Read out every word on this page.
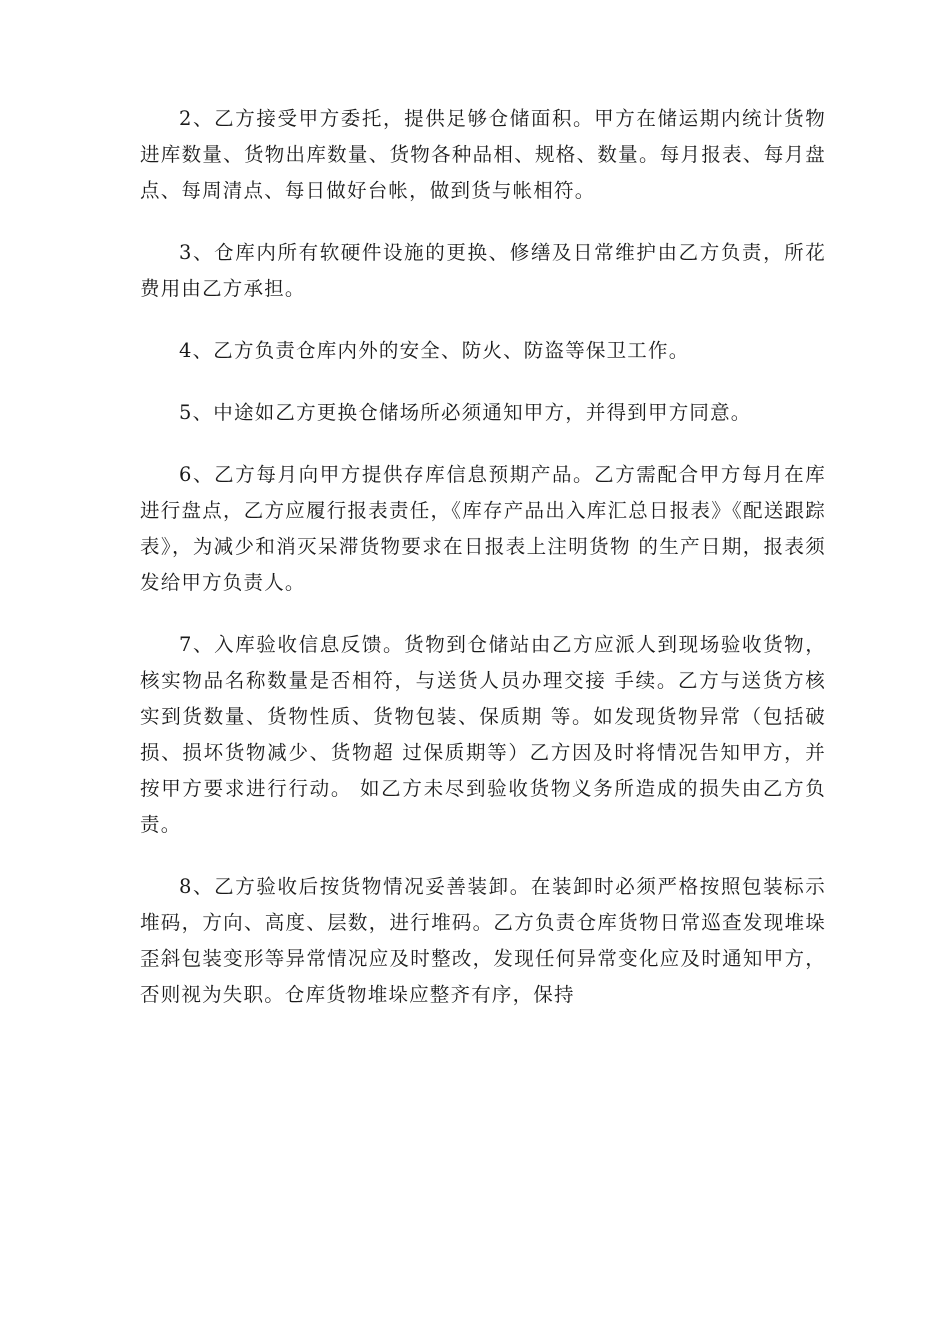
2、乙方接受甲方委托，提供足够仓储面积。甲方在储运期内统计货物进库数量、货物出库数量、货物各种品相、规格、数量。每月报表、每月盘点、每周清点、每日做好台帐，做到货与帐相符。

3、仓库内所有软硬件设施的更换、修缮及日常维护由乙方负责，所花费用由乙方承担。

4、乙方负责仓库内外的安全、防火、防盗等保卫工作。

5、中途如乙方更换仓储场所必须通知甲方，并得到甲方同意。

6、乙方每月向甲方提供存库信息预期产品。乙方需配合甲方每月在库进行盘点，乙方应履行报表责任，《库存产品出入库汇总日报表》《配送跟踪表》，为减少和消灭呆滞货物要求在日报表上注明货物 的生产日期，报表须发给甲方负责人。

7、入库验收信息反馈。货物到仓储站由乙方应派人到现场验收货物，核实物品名称数量是否相符，与送货人员办理交接 手续。乙方与送货方核实到货数量、货物性质、货物包装、保质期 等。如发现货物异常（包括破损、损坏货物减少、货物超 过保质期等）乙方因及时将情况告知甲方，并按甲方要求进行行动。 如乙方未尽到验收货物义务所造成的损失由乙方负责。

8、乙方验收后按货物情况妥善装卸。在装卸时必须严格按照包装标示堆码，方向、高度、层数，进行堆码。乙方负责仓库货物日常巡查发现堆垛歪斜包装变形等异常情况应及时整改，发现任何异常变化应及时通知甲方，否则视为失职。仓库货物堆垛应整齐有序，保持
